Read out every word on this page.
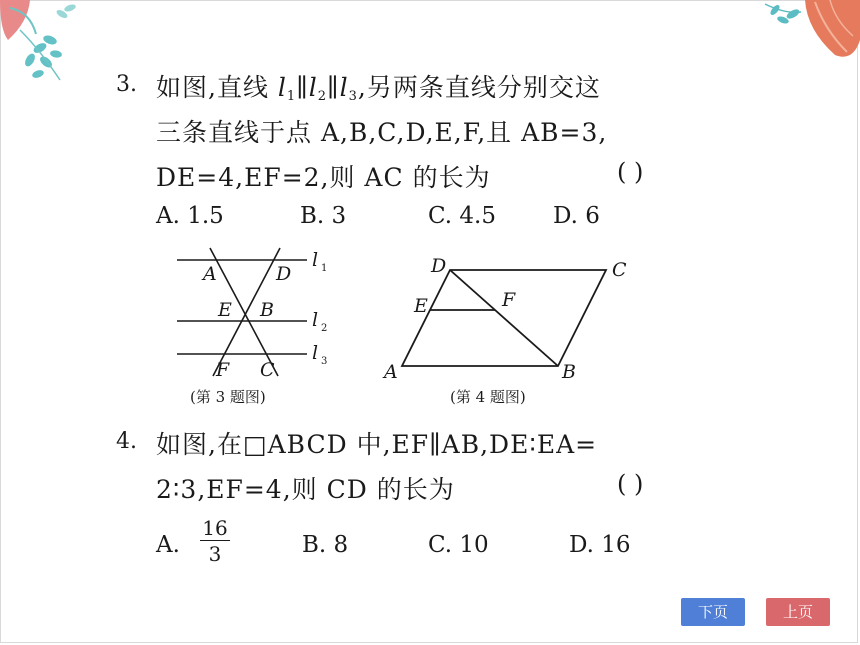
3. 如图,直线 $l_1\parallel l_2\parallel l_3$,另两条直线分别交这
三条直线于点 A,B,C,D,E,F,且 AB=3,
DE=4,EF=2,则 AC 的长为	( )
A. 1.5	B. 3	C. 4.5 D. 6
A	D
E B
F C
l
l
l
1
2
3
(第 3 题图)
D	C
E	F
A	B
(第 4 题图)
4. 如图,在□ABCD 中,EF∥AB,DE∶EA=
2∶3,EF=4,则 CD 的长为	( )
A. $\frac{16}{3}$	B. 8	C. 10	D. 16
下页	上页
